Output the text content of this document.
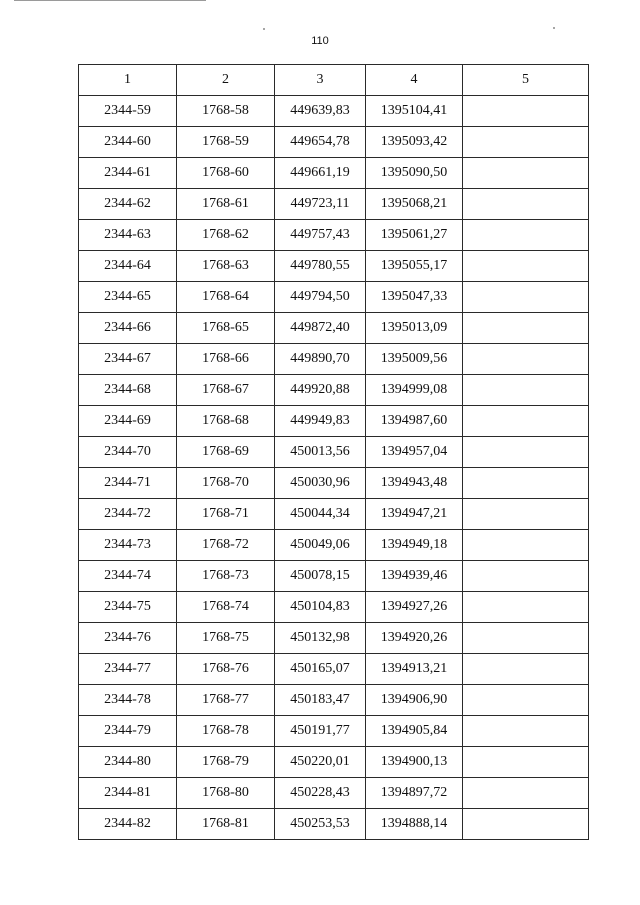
110
1	2	3	4	5
2344-59	1768-58	449639,83	1395104,41	
2344-60	1768-59	449654,78	1395093,42	
2344-61	1768-60	449661,19	1395090,50	
2344-62	1768-61	449723,11	1395068,21	
2344-63	1768-62	449757,43	1395061,27	
2344-64	1768-63	449780,55	1395055,17	
2344-65	1768-64	449794,50	1395047,33	
2344-66	1768-65	449872,40	1395013,09	
2344-67	1768-66	449890,70	1395009,56	
2344-68	1768-67	449920,88	1394999,08	
2344-69	1768-68	449949,83	1394987,60	
2344-70	1768-69	450013,56	1394957,04	
2344-71	1768-70	450030,96	1394943,48	
2344-72	1768-71	450044,34	1394947,21	
2344-73	1768-72	450049,06	1394949,18	
2344-74	1768-73	450078,15	1394939,46	
2344-75	1768-74	450104,83	1394927,26	
2344-76	1768-75	450132,98	1394920,26	
2344-77	1768-76	450165,07	1394913,21	
2344-78	1768-77	450183,47	1394906,90	
2344-79	1768-78	450191,77	1394905,84	
2344-80	1768-79	450220,01	1394900,13	
2344-81	1768-80	450228,43	1394897,72	
2344-82	1768-81	450253,53	1394888,14	
